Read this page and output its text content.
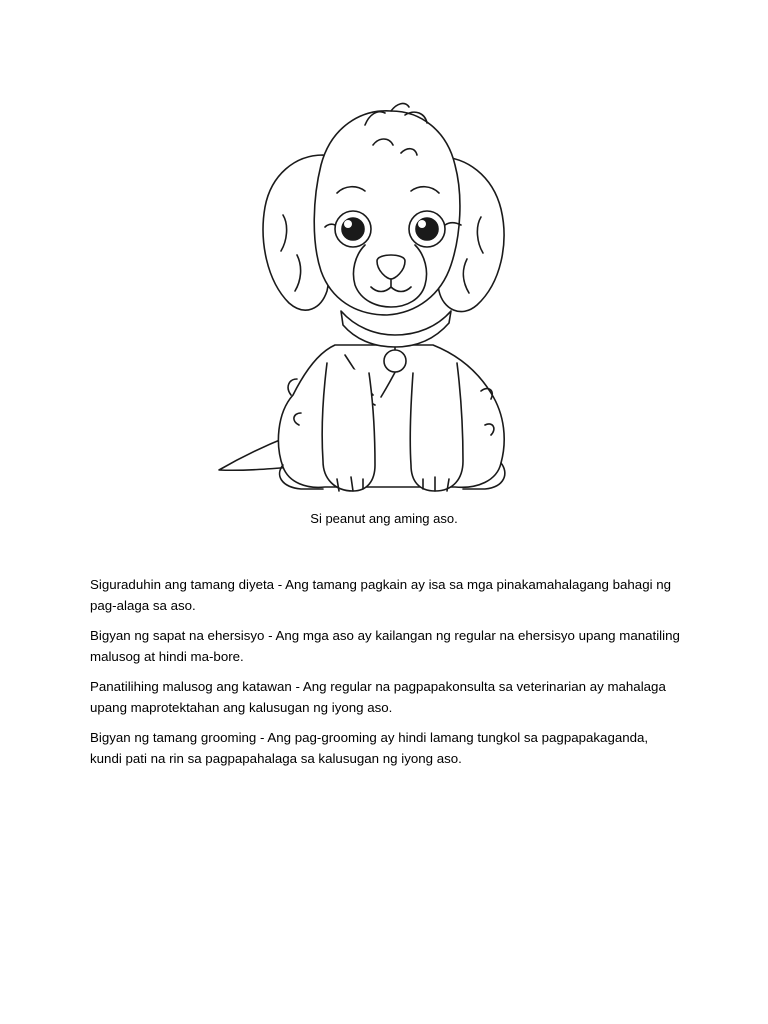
Si peanut ang aming aso.

Siguraduhin ang tamang diyeta - Ang tamang pagkain ay isa sa mga pinakamahalagang bahagi ng pag-alaga sa aso.

Bigyan ng sapat na ehersisyo - Ang mga aso ay kailangan ng regular na ehersisyo upang manatiling malusog at hindi ma-bore.

Panatilihing malusog ang katawan - Ang regular na pagpapakonsulta sa veterinarian ay mahalaga upang maprotektahan ang kalusugan ng iyong aso.

Bigyan ng tamang grooming - Ang pag-grooming ay hindi lamang tungkol sa pagpapakaganda, kundi pati na rin sa pagpapahalaga sa kalusugan ng iyong aso.
